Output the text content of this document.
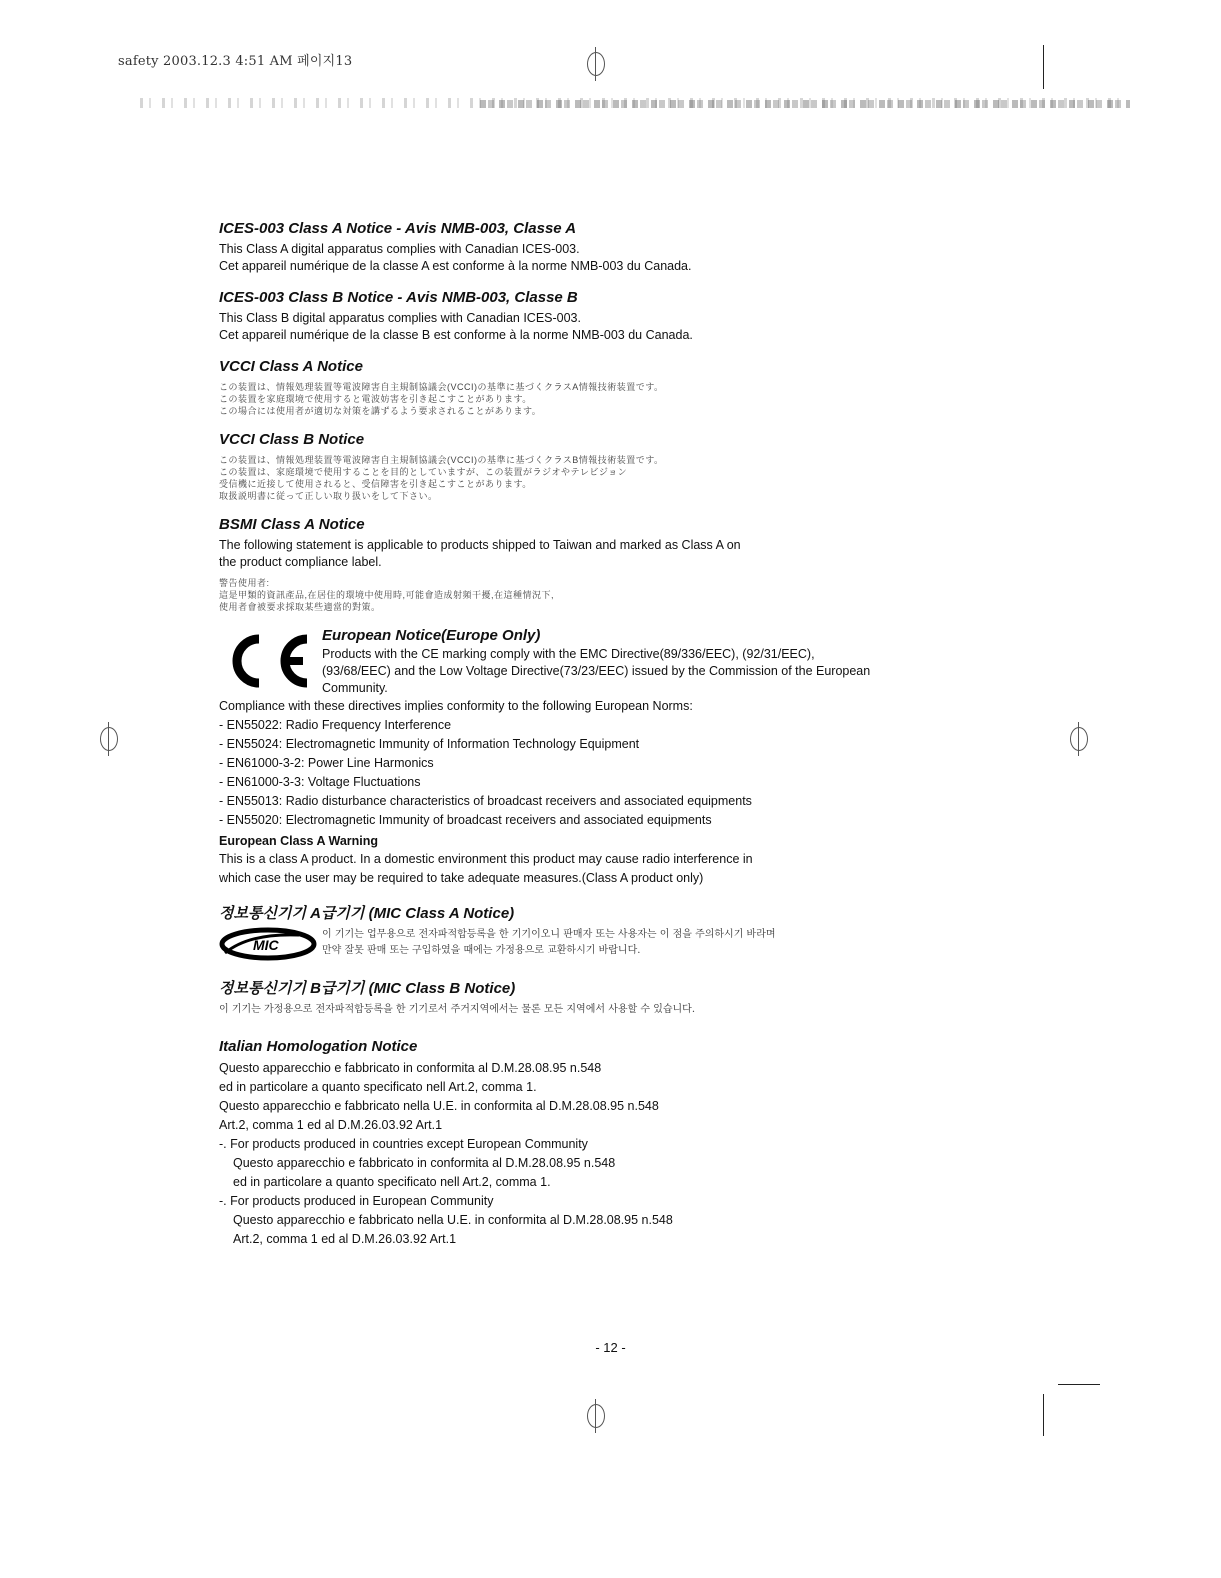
safety 2003.12.3 4:51 AM 페이지13
ICES-003 Class A Notice - Avis NMB-003, Classe A

This Class A digital apparatus complies with Canadian ICES-003.

Cet appareil numérique de la classe A est conforme à la norme NMB-003 du Canada.

ICES-003 Class B Notice - Avis NMB-003, Classe B

This Class B digital apparatus complies with Canadian ICES-003.

Cet appareil numérique de la classe B est conforme à la norme NMB-003 du Canada.

VCCI Class A Notice
この装置は、情報処理装置等電波障害自主規制協議会(VCCI)の基準に基づくクラスA情報技術装置です。
この装置を家庭環境で使用すると電波妨害を引き起こすことがあります。
この場合には使用者が適切な対策を講ずるよう要求されることがあります。
VCCI Class B Notice
この装置は、情報処理装置等電波障害自主規制協議会(VCCI)の基準に基づくクラスB情報技術装置です。
この装置は、家庭環境で使用することを目的としていますが、この装置がラジオやテレビジョン
受信機に近接して使用されると、受信障害を引き起こすことがあります。
取扱説明書に従って正しい取り扱いをして下さい。
BSMI Class A Notice

The following statement is applicable to products shipped to Taiwan and marked as Class A on

the product compliance label.

警告使用者:
這是甲類的資訊產品,在居住的環境中使用時,可能會造成射頻干擾,在這種情況下,
使用者會被要求採取某些適當的對策。
European Notice(Europe Only)

Products with the CE marking comply with the EMC Directive(89/336/EEC), (92/31/EEC),

(93/68/EEC) and the Low Voltage Directive(73/23/EEC) issued by the Commission of the European

Community.

Compliance with these directives implies conformity to the following European Norms:

- EN55022: Radio Frequency Interference
- EN55024: Electromagnetic Immunity of Information Technology Equipment
- EN61000-3-2: Power Line Harmonics
- EN61000-3-3: Voltage Fluctuations
- EN55013: Radio disturbance characteristics of broadcast receivers and associated equipments
- EN55020: Electromagnetic Immunity of broadcast receivers and associated equipments
European Class A Warning

This is a class A product. In a domestic environment this product may cause radio interference in

which case the user may be required to take adequate measures.(Class A product only)

정보통신기기 A급기기 (MIC Class A Notice)
MIC
이 기기는 업무용으로 전자파적합등록을 한 기기이오니 판매자 또는 사용자는 이 점을 주의하시기 바라며
만약 잘못 판매 또는 구입하였을 때에는 가정용으로 교환하시기 바랍니다.
정보통신기기 B급기기 (MIC Class B Notice)
이 기기는 가정용으로 전자파적합등록을 한 기기로서 주거지역에서는 물론 모든 지역에서 사용할 수 있습니다.
Italian Homologation Notice

Questo apparecchio e fabbricato in conformita al D.M.28.08.95 n.548

ed in particolare a quanto specificato nell Art.2, comma 1.

Questo apparecchio e fabbricato nella U.E. in conformita al D.M.28.08.95 n.548

Art.2, comma 1 ed al D.M.26.03.92 Art.1

-. For products produced in countries except European Community

Questo apparecchio e fabbricato in conformita al D.M.28.08.95 n.548

ed in particolare a quanto specificato nell Art.2, comma 1.

-. For products produced in European Community

Questo apparecchio e fabbricato nella U.E. in conformita al D.M.28.08.95 n.548

Art.2, comma 1 ed al D.M.26.03.92 Art.1

- 12 -
